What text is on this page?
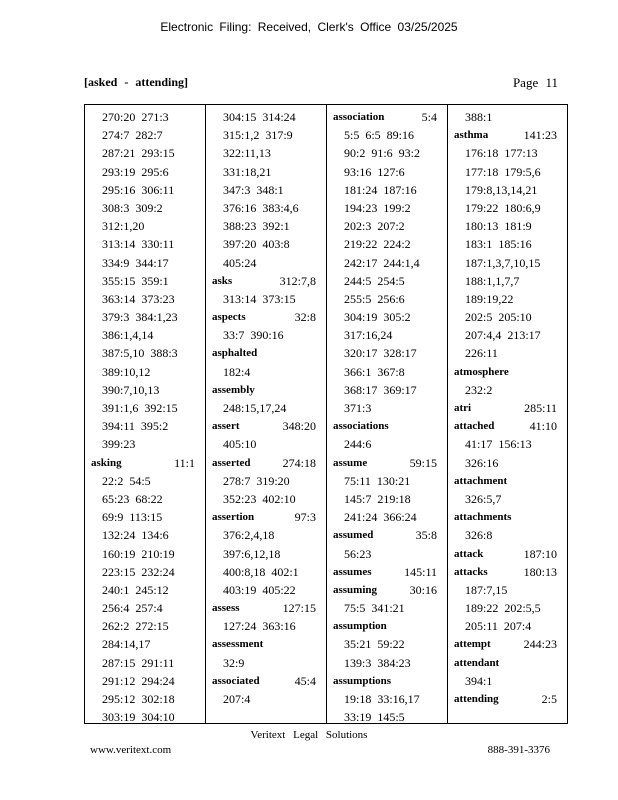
Electronic Filing: Received, Clerk's Office 03/25/2025
[asked - attending]	Page 11
270:20 271:3
274:7 282:7
287:21 293:15
293:19 295:6
295:16 306:11
308:3 309:2
312:1,20
313:14 330:11
334:9 344:17
355:15 359:1
363:14 373:23
379:3 384:1,23
386:1,4,14
387:5,10 388:3
389:10,12
390:7,10,13
391:1,6 392:15
394:11 395:2
399:23
asking	11:1
22:2 54:5
65:23 68:22
69:9 113:15
132:24 134:6
160:19 210:19
223:15 232:24
240:1 245:12
256:4 257:4
262:2 272:15
284:14,17
287:15 291:11
291:12 294:24
295:12 302:18
303:19 304:10
304:15 314:24
315:1,2 317:9
322:11,13
331:18,21
347:3 348:1
376:16 383:4,6
388:23 392:1
397:20 403:8
405:24
asks	312:7,8
313:14 373:15
aspects	32:8
33:7 390:16
asphalted
182:4
assembly
248:15,17,24
assert	348:20
405:10
asserted	274:18
278:7 319:20
352:23 402:10
assertion	97:3
376:2,4,18
397:6,12,18
400:8,18 402:1
403:19 405:22
assess	127:15
127:24 363:16
assessment
32:9
associated	45:4
207:4
association	5:4
5:5 6:5 89:16
90:2 91:6 93:2
93:16 127:6
181:24 187:16
194:23 199:2
202:3 207:2
219:22 224:2
242:17 244:1,4
244:5 254:5
255:5 256:6
304:19 305:2
317:16,24
320:17 328:17
366:1 367:8
368:17 369:17
371:3
associations
244:6
assume	59:15
75:11 130:21
145:7 219:18
241:24 366:24
assumed	35:8
56:23
assumes	145:11
assuming	30:16
75:5 341:21
assumption
35:21 59:22
139:3 384:23
assumptions
19:18 33:16,17
33:19 145:5
388:1
asthma	141:23
176:18 177:13
177:18 179:5,6
179:8,13,14,21
179:22 180:6,9
180:13 181:9
183:1 185:16
187:1,3,7,10,15
188:1,1,7,7
189:19,22
202:5 205:10
207:4,4 213:17
226:11
atmosphere
232:2
atri	285:11
attached	41:10
41:17 156:13
326:16
attachment
326:5,7
attachments
326:8
attack	187:10
attacks	180:13
187:7,15
189:22 202:5,5
205:11 207:4
attempt	244:23
attendant
394:1
attending	2:5
Veritext Legal Solutions
www.veritext.com	888-391-3376
